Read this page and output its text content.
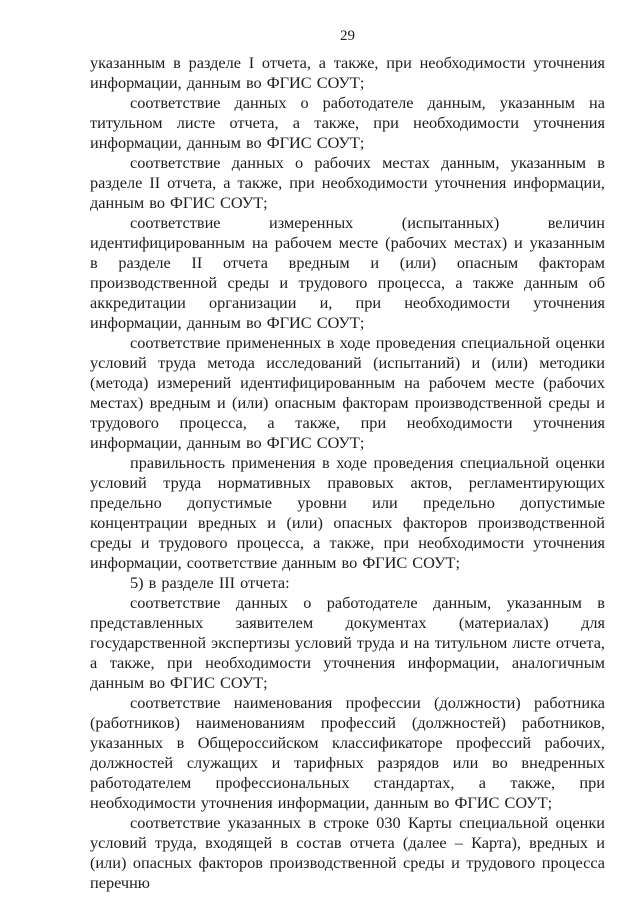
29

указанным в разделе I отчета, а также, при необходимости уточнения информации, данным во ФГИС СОУТ;

соответствие данных о работодателе данным, указанным на титульном листе отчета, а также, при необходимости уточнения информации, данным во ФГИС СОУТ;

соответствие данных о рабочих местах данным, указанным в разделе II отчета, а также, при необходимости уточнения информации, данным во ФГИС СОУТ;

соответствие измеренных (испытанных) величин идентифицированным на рабочем месте (рабочих местах) и указанным в разделе II отчета вредным и (или) опасным факторам производственной среды и трудового процесса, а также данным об аккредитации организации и, при необходимости уточнения информации, данным во ФГИС СОУТ;

соответствие примененных в ходе проведения специальной оценки условий труда метода исследований (испытаний) и (или) методики (метода) измерений идентифицированным на рабочем месте (рабочих местах) вредным и (или) опасным факторам производственной среды и трудового процесса, а также, при необходимости уточнения информации, данным во ФГИС СОУТ;

правильность применения в ходе проведения специальной оценки условий труда нормативных правовых актов, регламентирующих предельно допустимые уровни или предельно допустимые концентрации вредных и (или) опасных факторов производственной среды и трудового процесса, а также, при необходимости уточнения информации, соответствие данным во ФГИС СОУТ;

5) в разделе III отчета:

соответствие данных о работодателе данным, указанным в представленных заявителем документах (материалах) для государственной экспертизы условий труда и на титульном листе отчета, а также, при необходимости уточнения информации, аналогичным данным во ФГИС СОУТ;

соответствие наименования профессии (должности) работника (работников) наименованиям профессий (должностей) работников, указанных в Общероссийском классификаторе профессий рабочих, должностей служащих и тарифных разрядов или во внедренных работодателем профессиональных стандартах, а также, при необходимости уточнения информации, данным во ФГИС СОУТ;

соответствие указанных в строке 030 Карты специальной оценки условий труда, входящей в состав отчета (далее – Карта), вредных и (или) опасных факторов производственной среды и трудового процесса перечню
